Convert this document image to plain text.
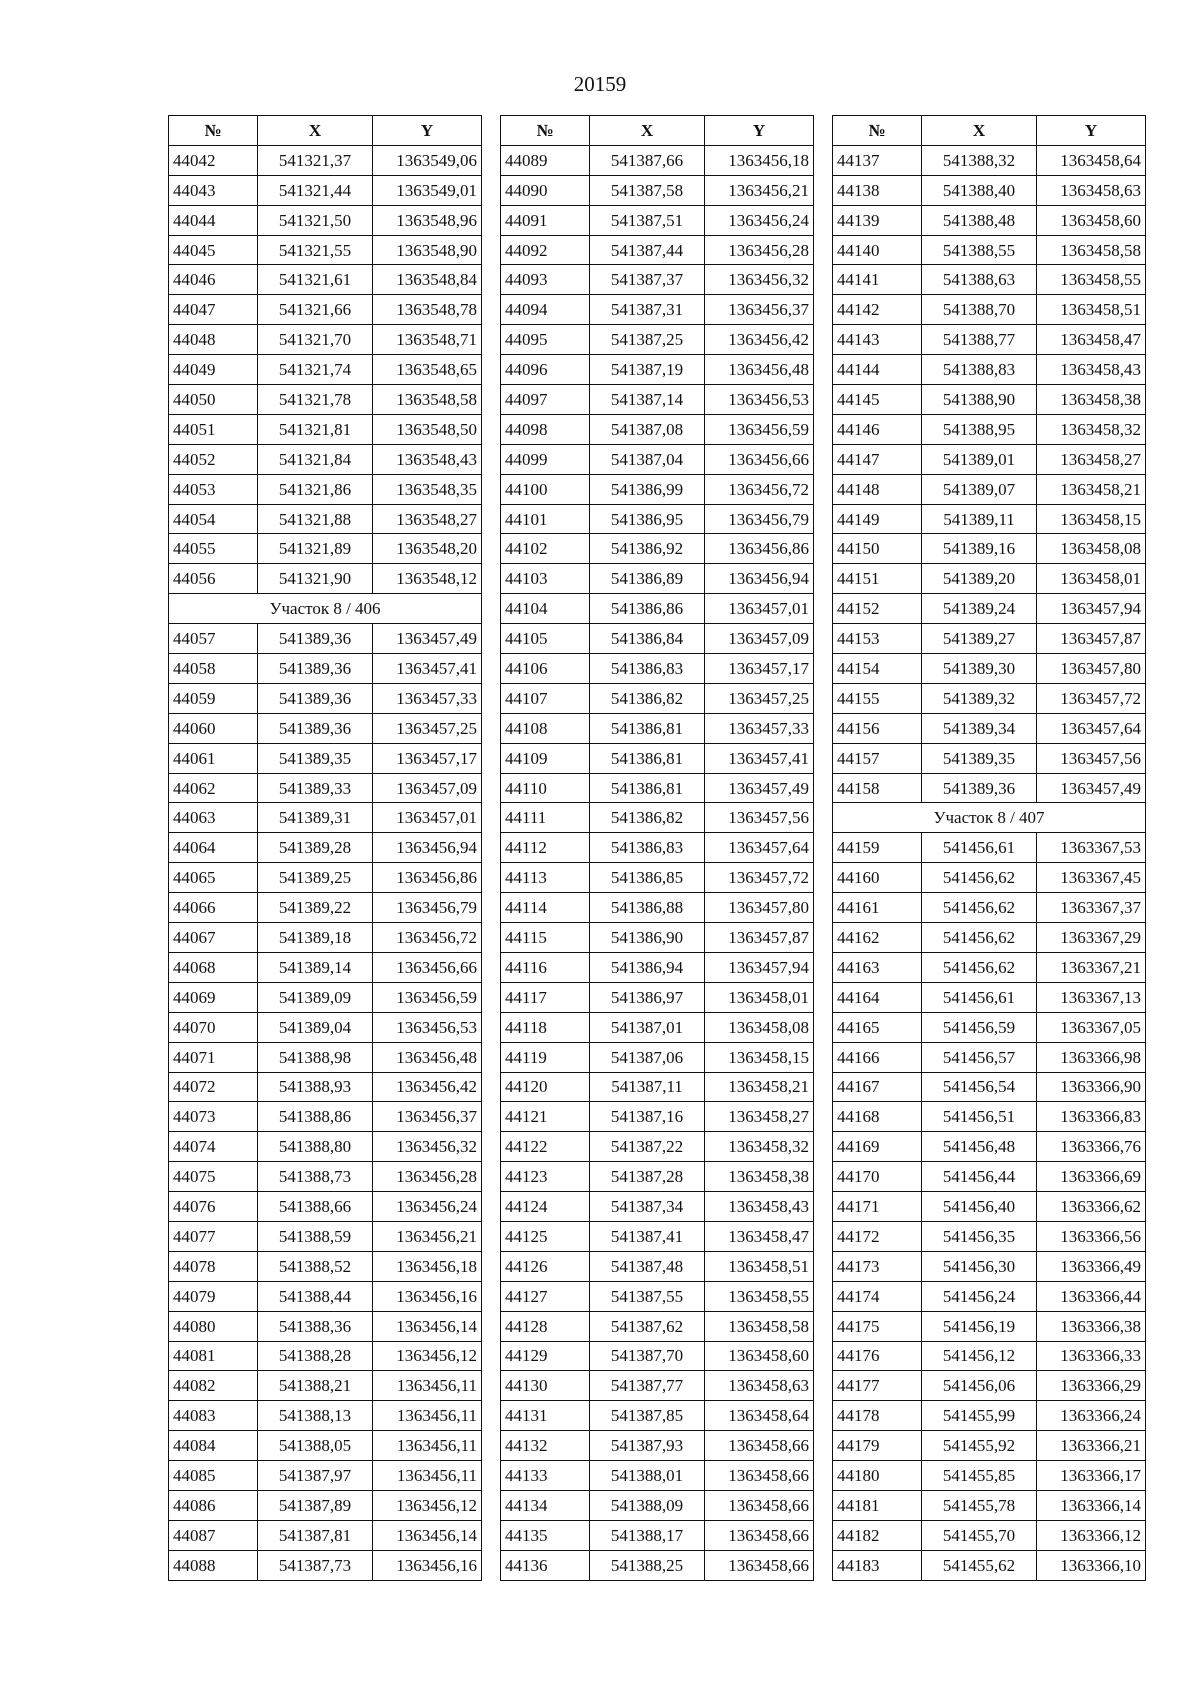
20159
№	X	Y
44042	541321,37	1363549,06
44043	541321,44	1363549,01
44044	541321,50	1363548,96
44045	541321,55	1363548,90
44046	541321,61	1363548,84
44047	541321,66	1363548,78
44048	541321,70	1363548,71
44049	541321,74	1363548,65
44050	541321,78	1363548,58
44051	541321,81	1363548,50
44052	541321,84	1363548,43
44053	541321,86	1363548,35
44054	541321,88	1363548,27
44055	541321,89	1363548,20
44056	541321,90	1363548,12
Участок 8 / 406		
44057	541389,36	1363457,49
44058	541389,36	1363457,41
44059	541389,36	1363457,33
44060	541389,36	1363457,25
44061	541389,35	1363457,17
44062	541389,33	1363457,09
44063	541389,31	1363457,01
44064	541389,28	1363456,94
44065	541389,25	1363456,86
44066	541389,22	1363456,79
44067	541389,18	1363456,72
44068	541389,14	1363456,66
44069	541389,09	1363456,59
44070	541389,04	1363456,53
44071	541388,98	1363456,48
44072	541388,93	1363456,42
44073	541388,86	1363456,37
44074	541388,80	1363456,32
44075	541388,73	1363456,28
44076	541388,66	1363456,24
44077	541388,59	1363456,21
44078	541388,52	1363456,18
44079	541388,44	1363456,16
44080	541388,36	1363456,14
44081	541388,28	1363456,12
44082	541388,21	1363456,11
44083	541388,13	1363456,11
44084	541388,05	1363456,11
44085	541387,97	1363456,11
44086	541387,89	1363456,12
44087	541387,81	1363456,14
44088	541387,73	1363456,16
№	X	Y
44089	541387,66	1363456,18
44090	541387,58	1363456,21
44091	541387,51	1363456,24
44092	541387,44	1363456,28
44093	541387,37	1363456,32
44094	541387,31	1363456,37
44095	541387,25	1363456,42
44096	541387,19	1363456,48
44097	541387,14	1363456,53
44098	541387,08	1363456,59
44099	541387,04	1363456,66
44100	541386,99	1363456,72
44101	541386,95	1363456,79
44102	541386,92	1363456,86
44103	541386,89	1363456,94
44104	541386,86	1363457,01
44105	541386,84	1363457,09
44106	541386,83	1363457,17
44107	541386,82	1363457,25
44108	541386,81	1363457,33
44109	541386,81	1363457,41
44110	541386,81	1363457,49
44111	541386,82	1363457,56
44112	541386,83	1363457,64
44113	541386,85	1363457,72
44114	541386,88	1363457,80
44115	541386,90	1363457,87
44116	541386,94	1363457,94
44117	541386,97	1363458,01
44118	541387,01	1363458,08
44119	541387,06	1363458,15
44120	541387,11	1363458,21
44121	541387,16	1363458,27
44122	541387,22	1363458,32
44123	541387,28	1363458,38
44124	541387,34	1363458,43
44125	541387,41	1363458,47
44126	541387,48	1363458,51
44127	541387,55	1363458,55
44128	541387,62	1363458,58
44129	541387,70	1363458,60
44130	541387,77	1363458,63
44131	541387,85	1363458,64
44132	541387,93	1363458,66
44133	541388,01	1363458,66
44134	541388,09	1363458,66
44135	541388,17	1363458,66
44136	541388,25	1363458,66
№	X	Y
44137	541388,32	1363458,64
44138	541388,40	1363458,63
44139	541388,48	1363458,60
44140	541388,55	1363458,58
44141	541388,63	1363458,55
44142	541388,70	1363458,51
44143	541388,77	1363458,47
44144	541388,83	1363458,43
44145	541388,90	1363458,38
44146	541388,95	1363458,32
44147	541389,01	1363458,27
44148	541389,07	1363458,21
44149	541389,11	1363458,15
44150	541389,16	1363458,08
44151	541389,20	1363458,01
44152	541389,24	1363457,94
44153	541389,27	1363457,87
44154	541389,30	1363457,80
44155	541389,32	1363457,72
44156	541389,34	1363457,64
44157	541389,35	1363457,56
44158	541389,36	1363457,49
Участок 8 / 407		
44159	541456,61	1363367,53
44160	541456,62	1363367,45
44161	541456,62	1363367,37
44162	541456,62	1363367,29
44163	541456,62	1363367,21
44164	541456,61	1363367,13
44165	541456,59	1363367,05
44166	541456,57	1363366,98
44167	541456,54	1363366,90
44168	541456,51	1363366,83
44169	541456,48	1363366,76
44170	541456,44	1363366,69
44171	541456,40	1363366,62
44172	541456,35	1363366,56
44173	541456,30	1363366,49
44174	541456,24	1363366,44
44175	541456,19	1363366,38
44176	541456,12	1363366,33
44177	541456,06	1363366,29
44178	541455,99	1363366,24
44179	541455,92	1363366,21
44180	541455,85	1363366,17
44181	541455,78	1363366,14
44182	541455,70	1363366,12
44183	541455,62	1363366,10
